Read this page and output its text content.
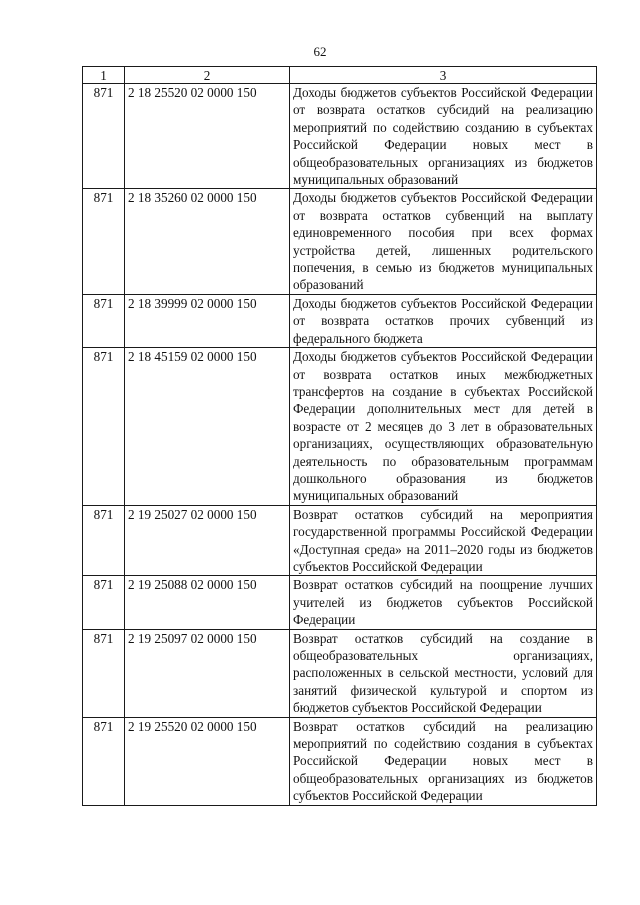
62
1	2	3
871	2 18 25520 02 0000 150	Доходы бюджетов субъектов Российской Федерации от возврата остатков субсидий на реализацию мероприятий по содействию созданию в субъектах Российской Федерации новых мест в общеобразовательных организациях из бюджетов муниципальных образований
871	2 18 35260 02 0000 150	Доходы бюджетов субъектов Российской Федерации от возврата остатков субвенций на выплату единовременного пособия при всех формах устройства детей, лишенных родительского попечения, в семью из бюджетов муниципальных образований
871	2 18 39999 02 0000 150	Доходы бюджетов субъектов Российской Федерации от возврата остатков прочих субвенций из федерального бюджета
871	2 18 45159 02 0000 150	Доходы бюджетов субъектов Российской Федерации от возврата остатков иных межбюджетных трансфертов на создание в субъектах Российской Федерации дополнительных мест для детей в возрасте от 2 месяцев до 3 лет в образовательных организациях, осуществляющих образовательную деятельность по образовательным программам дошкольного образования из бюджетов муниципальных образований
871	2 19 25027 02 0000 150	Возврат остатков субсидий на мероприятия государственной программы Российской Федерации «Доступная среда» на 2011–2020 годы из бюджетов субъектов Российской Федерации
871	2 19 25088 02 0000 150	Возврат остатков субсидий на поощрение лучших учителей из бюджетов субъектов Российской Федерации
871	2 19 25097 02 0000 150	Возврат остатков субсидий на создание в общеобразовательных организациях, расположенных в сельской местности, условий для занятий физической культурой и спортом из бюджетов субъектов Российской Федерации
871	2 19 25520 02 0000 150	Возврат остатков субсидий на реализацию мероприятий по содействию создания в субъектах Российской Федерации новых мест в общеобразовательных организациях из бюджетов субъектов Российской Федерации
